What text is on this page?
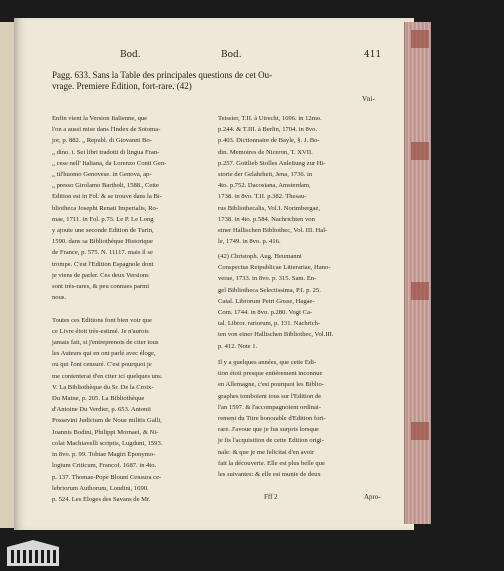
Bod.	Bod.	411
Pagg. 633. Sans la Table des principales questions de cet Ou-
vrage. Premiere Edition, fort-rare. (42)
Vni-
Enfin vient la Version Italienne, que
l'on a aussi mise dans l'Index de Sotoma-
jor, p. 882. „ Republ. di Giovanni Bo-
„ dino. i. Sei libri tradotti di lingua Fran-
„ cese nell' Italiana, da Lorenzo Conti Gen-
„ til'huomo Genovese. in Genova, ap-
„ presso Girolamo Bartholi, 1588., Cette
Edition est in Fol. & se trouve dans la Bi-
bliotheca Josephi Renati Imperialis, Ro-
mae, 1711. in Fol. p.73. Le P. Le Long
y ajoute une seconde Edition de Turin,
1590. dans sa Bibliothèque Historique
de France, p. 575. N. 11117. mais il se
trompe. C'est l'Edition Espagnole dont
je viens de parler. Ces deux Versions
sont très-rares, & peu connues parmi
nous.

Toutes ces Editions font bien voir que
ce Livre étoit très-estimé. Je n'aurois
jamais fait, si j'entreprenois de citer tous
les Auteurs qui en ont parlé avec éloge,
ou qui l'ont censuré. C'est pourquoi je
me contenterai d'en citer ici quelques uns.
V. La Bibliothèque du Sr. De la Croix-
Du Maine, p. 205. La Bibliothèque
d'Antoine Du Verdier, p. 653. Antonii
Possevini Judicium de Noue militis Galli,
Joannis Bodini, Philippi Mornaei, & Ni-
colai Machiavelli scriptis, Lugduni, 1593.
in 8vo. p. 99. Tobiae Magiri Eponymo-
logium Criticum, Francof. 1687. in 4to.
p. 137. Thomae-Pope Blount Censura ce-
lebriorum Authorum, Londini, 1690.
p. 524. Les Eloges des Savans de Mr.
Teissier, T.II. à Utrecht, 1696. in 12mo.
p.244. & T.III. à Berlin, 1704. in 8vo.
p.403. Dictionnaire de Bayle, §. J. Bo-
din. Memoires de Niceron, T. XVII.
p.257. Gottlieb Stolles Anleitung zur Hi-
storie der Gelahrheit, Jena, 1736. in
4to. p.752. Dacosiana, Amsterdam,
1738. in 8vo. T.II. p.382. Thesau-
rus Bibliothecalis, Vol.I. Norimbergae,
1738. in 4to. p.584. Nachrichten von
einer Hallischen Bibliothec, Vol. III. Hal-
le, 1749. in 8vo. p. 416.
(42) Christoph. Aug. Heumanni
Conspectus Reipublicae Litterariae, Hano-
verae, 1733. in 8vo. p. 315. Sam. En-
gel Bibliotheca Selectissima, P.I. p. 25.
Catal. Librorum Petri Gosse, Hagae-
Com. 1744. in 8vo. p.280. Vogt Ca-
tal. Libror. rariorum, p. 131. Nachrich-
ten von einer Hallischen Bibliothec, Vol.III.
p. 412. Note 1.
Il y a quelques années, que cette Edi-
tion étoit presque entièrement inconnue
en Allemagne, c'est pourquoi les Biblio-
graphes tomboient tous sur l'Edition de
l'an 1597. & l'accompagnoient ordinai-
rement du Titre honorable d'Edition fort-
rare. J'avoue que je fus surpris lorsque
je fis l'acquisition de cette Edition origi-
nale: & que je me felicitai d'en avoir
fait la découverte. Elle est plus belle que
les suivantes: & elle est munie de deux
Fff 2	Apro-
